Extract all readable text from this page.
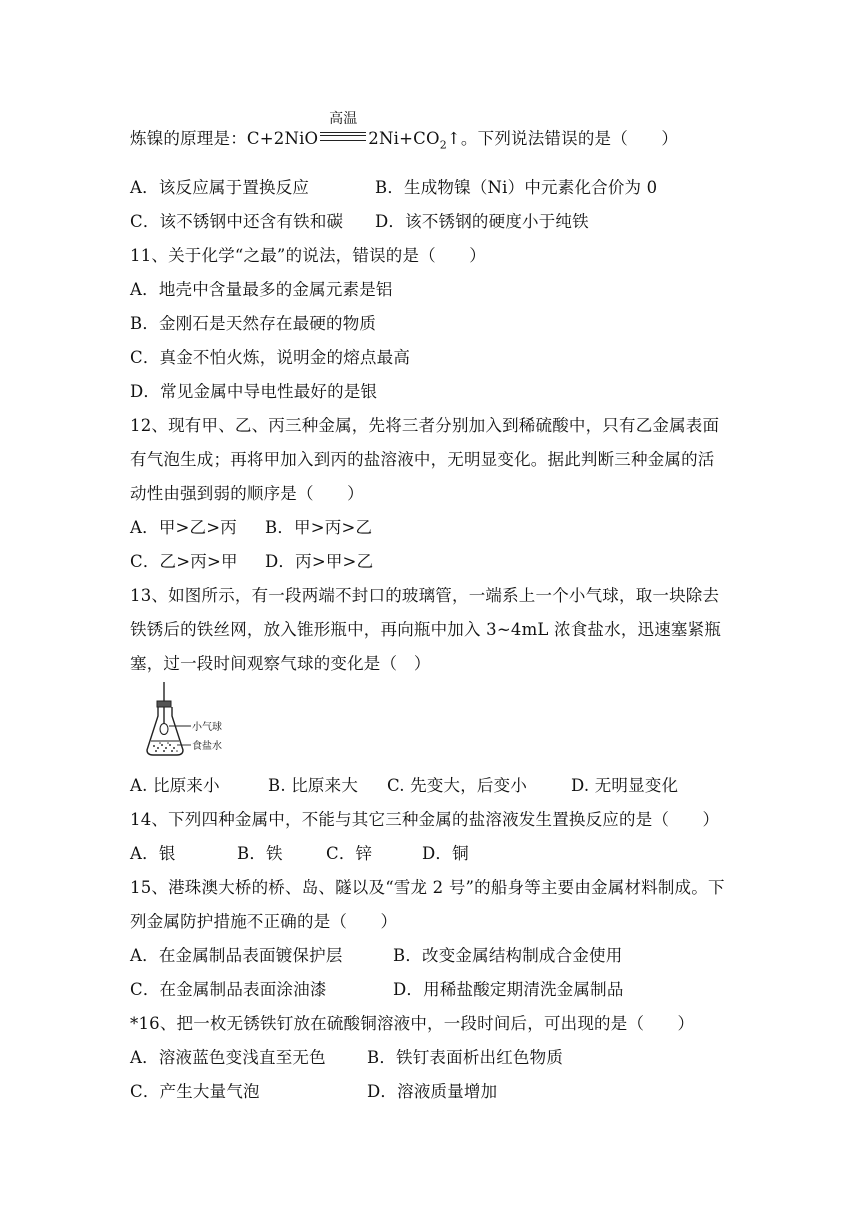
炼镍的原理是：C+2NiO
高温
$2Ni+CO_2↑$。下列说法错误的是（　　）
A．该反应属于置换反应	B．生成物镍（Ni）中元素化合价为 0
C．该不锈钢中还含有铁和碳 D．该不锈钢的硬度小于纯铁
11、关于化学“之最”的说法，错误的是（　　）
A．地壳中含量最多的金属元素是铝
B．金刚石是天然存在最硬的物质
C．真金不怕火炼，说明金的熔点最高
D．常见金属中导电性最好的是银
12、现有甲、乙、丙三种金属，先将三者分别加入到稀硫酸中，只有乙金属表面
有气泡生成；再将甲加入到丙的盐溶液中，无明显变化。据此判断三种金属的活
动性由强到弱的顺序是（　　）
A．甲>乙>丙 B．甲>丙>乙
C．乙>丙>甲 D．丙>甲>乙
13、如图所示，有一段两端不封口的玻璃管，一端系上一个小气球，取一块除去
铁锈后的铁丝网，放入锥形瓶中，再向瓶中加入 3~4mL 浓食盐水，迅速塞紧瓶
塞，过一段时间观察气球的变化是（　）
小气球
食盐水
A. 比原来小	B. 比原来大 C. 先变大，后变小	D. 无明显变化
14、下列四种金属中，不能与其它三种金属的盐溶液发生置换反应的是（　　）
A．银	B．铁	C．锌	D．铜
15、港珠澳大桥的桥、岛、隧以及“雪龙 2 号”的船身等主要由金属材料制成。下
列金属防护措施不正确的是（　　）
A．在金属制品表面镀保护层	B．改变金属结构制成合金使用
C．在金属制品表面涂油漆	D．用稀盐酸定期清洗金属制品
*16、把一枚无锈铁钉放在硫酸铜溶液中，一段时间后，可出现的是（　　）
A．溶液蓝色变浅直至无色 B．铁钉表面析出红色物质
C．产生大量气泡	D．溶液质量增加
